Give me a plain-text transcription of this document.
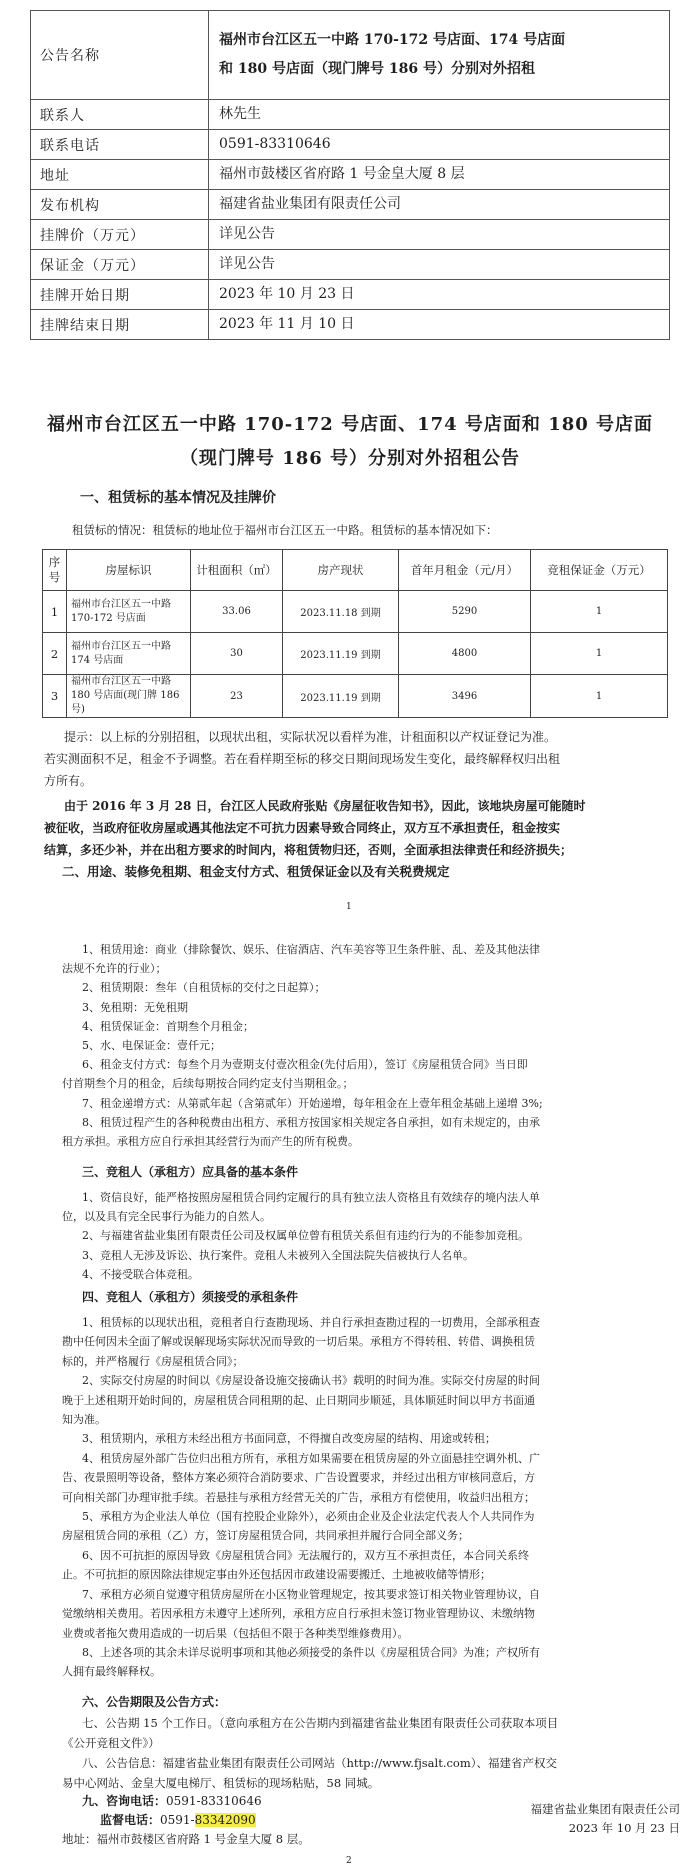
公告名称	福州市台江区五一中路 170-172 号店面、174 号店面
和 180 号店面（现门牌号 186 号）分别对外招租

联系人	林先生
联系电话	0591-83310646
地址	福州市鼓楼区省府路 1 号金皇大厦 8 层
发布机构	福建省盐业集团有限责任公司
挂牌价（万元）	详见公告
保证金（万元）	详见公告
挂牌开始日期	2023 年 10 月 23 日
挂牌结束日期	2023 年 11 月 10 日
福州市台江区五一中路 170-172 号店面、174 号店面和 180 号店面
（现门牌号 186 号）分别对外招租公告
一、租赁标的基本情况及挂牌价
租赁标的情况：租赁标的地址位于福州市台江区五一中路。租赁标的基本情况如下：
序号	房屋标识	计租面积（㎡）	房产现状	首年月租金（元/月）	竞租保证金（万元）
1	福州市台江区五一中路 170-172 号店面	33.06	2023.11.18 到期	5290	1
2	福州市台江区五一中路 174 号店面	30	2023.11.19 到期	4800	1
3	福州市台江区五一中路 180 号店面(现门牌 186 号)	23	2023.11.19 到期	3496	1
提示：以上标的分别招租，以现状出租，实际状况以看样为准，计租面积以产权证登记为准。
若实测面积不足，租金不予调整。若在看样期至标的移交日期间现场发生变化，最终解释权归出租
方所有。
由于 2016 年 3 月 28 日，台江区人民政府张贴《房屋征收告知书》，因此，该地块房屋可能随时
被征收，当政府征收房屋或遇其他法定不可抗力因素导致合同终止，双方互不承担责任，租金按实
结算，多还少补，并在出租方要求的时间内，将租赁物归还，否则，全面承担法律责任和经济损失；
二、用途、装修免租期、租金支付方式、租赁保证金以及有关税费规定
1
1、租赁用途：商业（排除餐饮、娱乐、住宿酒店、汽车美容等卫生条件脏、乱、差及其他法律
法规不允许的行业）；
2、租赁期限：叁年（自租赁标的交付之日起算）；
3、免租期：无免租期
4、租赁保证金：首期叁个月租金；
5、水、电保证金：壹仟元；
6、租金支付方式：每叁个月为壹期支付壹次租金(先付后用），签订《房屋租赁合同》当日即
付首期叁个月的租金，后续每期按合同约定支付当期租金。；
7、租金递增方式：从第贰年起（含第贰年）开始递增，每年租金在上壹年租金基础上递增 3%;
8、租赁过程产生的各种税费由出租方、承租方按国家相关规定各自承担，如有未规定的，由承
租方承担。承租方应自行承担其经营行为而产生的所有税费。
三、竞租人（承租方）应具备的基本条件
1、资信良好，能严格按照房屋租赁合同约定履行的具有独立法人资格且有效续存的境内法人单
位，以及具有完全民事行为能力的自然人。
2、与福建省盐业集团有限责任公司及权属单位曾有租赁关系但有违约行为的不能参加竞租。
3、竞租人无涉及诉讼、执行案件。竞租人未被列入全国法院失信被执行人名单。
4、不接受联合体竞租。
四、竞租人（承租方）须接受的承租条件
1、租赁标的以现状出租，竞租者自行查勘现场、并自行承担查勘过程的一切费用，全部承租查
勘中任何因未全面了解或误解现场实际状况而导致的一切后果。承租方不得转租、转借、调换租赁
标的，并严格履行《房屋租赁合同》；
2、实际交付房屋的时间以《房屋设备设施交接确认书》载明的时间为准。实际交付房屋的时间
晚于上述租期开始时间的，房屋租赁合同租期的起、止日期同步顺延，具体顺延时间以甲方书面通
知为准。
3、租赁期内，承租方未经出租方书面同意，不得擅自改变房屋的结构、用途或转租；
4、租赁房屋外部广告位归出租方所有，承租方如果需要在租赁房屋的外立面悬挂空调外机、广
告、夜景照明等设备，整体方案必须符合消防要求、广告设置要求，并经过出租方审核同意后，方
可向相关部门办理审批手续。若悬挂与承租方经营无关的广告，承租方有偿使用，收益归出租方；
5、承租方为企业法人单位（国有控股企业除外），必须由企业及企业法定代表人个人共同作为
房屋租赁合同的承租（乙）方，签订房屋租赁合同，共同承担并履行合同全部义务；
6、因不可抗拒的原因导致《房屋租赁合同》无法履行的，双方互不承担责任，本合同关系终
止。不可抗拒的原因除法律规定事由外还包括因市政建设需要搬迁、土地被收储等情形；
7、承租方必须自觉遵守租赁房屋所在小区物业管理规定，按其要求签订相关物业管理协议，自
觉缴纳相关费用。若因承租方未遵守上述所列，承租方应自行承担未签订物业管理协议、未缴纳物
业费或者拖欠费用造成的一切后果（包括但不限于各种类型维修费用）。
8、上述各项的其余未详尽说明事项和其他必须接受的条件以《房屋租赁合同》为准；产权所有
人拥有最终解释权。
六、公告期限及公告方式：
七、公告期 15 个工作日。（意向承租方在公告期内到福建省盐业集团有限责任公司获取本项目
《公开竞租文件》）
八、公告信息：福建省盐业集团有限责任公司网站（http://www.fjsalt.com）、福建省产权交
易中心网站、金皇大厦电梯厅、租赁标的现场粘贴，58 同城。
九、咨询电话：0591-83310646
监督电话：0591-83342090
地址：福州市鼓楼区省府路 1 号金皇大厦 8 层。
福建省盐业集团有限责任公司
2023 年 10 月 23 日
2
